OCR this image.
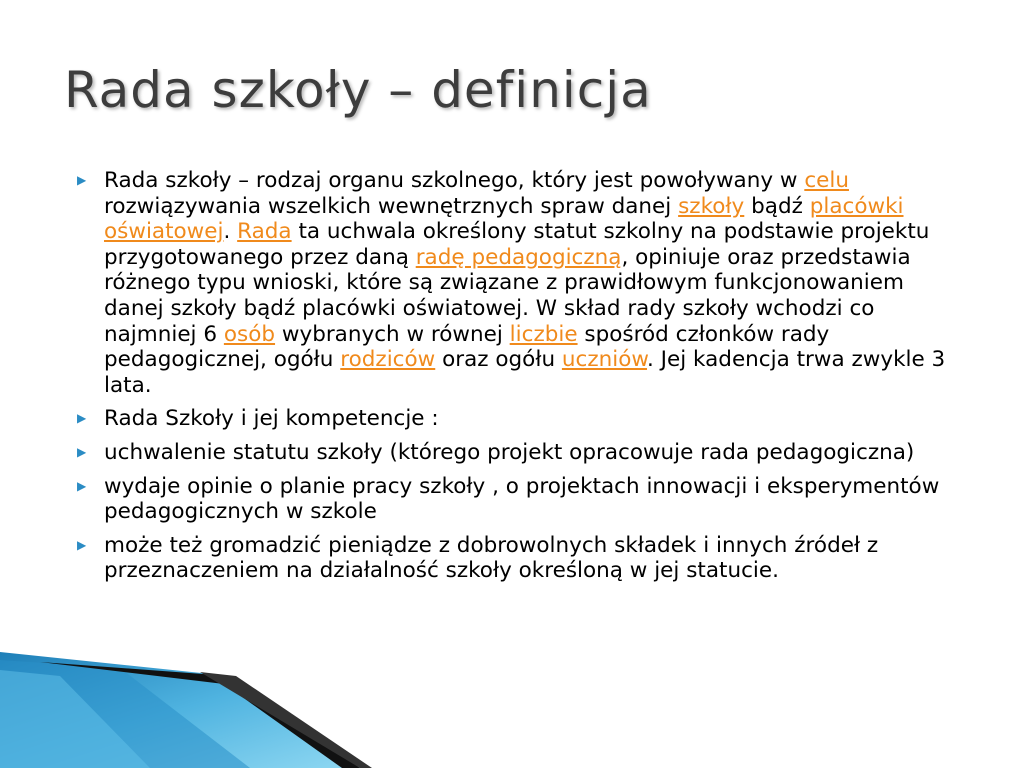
Rada szkoły – definicja
▶ Rada szkoły – rodzaj organu szkolnego, który jest powoływany w celu rozwiązywania wszelkich wewnętrznych spraw danej szkoły bądź placówki oświatowej. Rada ta uchwala określony statut szkolny na podstawie projektu przygotowanego przez daną radę pedagogiczną, opiniuje oraz przedstawia różnego typu wnioski, które są związane z prawidłowym funkcjonowaniem danej szkoły bądź placówki oświatowej. W skład rady szkoły wchodzi co najmniej 6 osób wybranych w równej liczbie spośród członków rady pedagogicznej, ogółu rodziców oraz ogółu uczniów. Jej kadencja trwa zwykle 3 lata.
▶ Rada Szkoły i jej kompetencje :
▶ uchwalenie statutu szkoły (którego projekt opracowuje rada pedagogiczna)
▶ wydaje opinie o planie pracy szkoły , o projektach innowacji i eksperymentów pedagogicznych w szkole
▶ może też gromadzić pieniądze z dobrowolnych składek i innych źródeł z przeznaczeniem na działalność szkoły określoną w jej statucie.
